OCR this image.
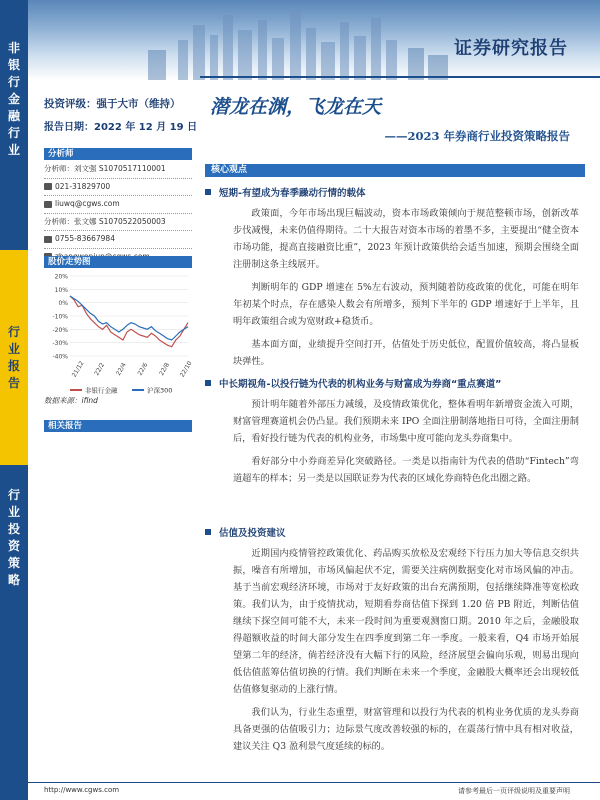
非银行金融行业
行业报告
行业投资策略
证券研究报告
投资评级：强于大市（维持）
报告日期：2022 年 12 月 19 日
潜龙在渊，飞龙在天
——2023 年券商行业投资策略报告
分析师
分析师：刘文强 S1070517110001
021-31829700
liuwq@cgws.com
分析师：张文娜 S1070522050003
0755-83667984
股价走势图
20%
10%
0%
-10%
-20%
-30%
-40%
21/12 22/2 22/4 22/6 22/8 22/10
非银行金融	沪深300
数据来源：ifind
相关报告
核心观点
短期-有望成为春季躁动行情的载体

政策面，今年市场出现巨幅波动，资本市场政策倾向于规范整顿市场，创新改革步伐减慢，未来仍值得期待。二十大报告对资本市场的着墨不多，主要提出“健全资本市场功能，提高直接融资比重”，2023 年预计政策供给会适当加速，预期会围绕全面注册制这条主线展开。

判断明年的 GDP 增速在 5%左右波动，预判随着防疫政策的优化，可能在明年年初某个时点，存在感染人数会有所增多，预判下半年的 GDP 增速好于上半年，且明年政策组合或为宽财政+稳货币。

基本面方面，业绩提升空间打开，估值处于历史低位，配置价值较高，将凸显板块弹性。

中长期视角-以投行链为代表的机构业务与财富成为券商“重点赛道”

预计明年随着外部压力减缓，及疫情政策优化，整体看明年新增资金流入可期，财富管理赛道机会仍凸显。我们预期未来 IPO 全面注册制落地指日可待，全面注册制后，看好投行链为代表的机构业务，市场集中度可能向龙头券商集中。

看好部分中小券商差异化突破路径。一类是以指南针为代表的借助“Fintech”弯道超车的样本；另一类是以国联证券为代表的区域化券商特色化出圈之路。

估值及投资建议

近期国内疫情管控政策优化、药品购买放松及宏观经下行压力加大等信息交织共振，噪音有所增加，市场风偏起伏不定，需要关注病例数据变化对市场风偏的冲击。基于当前宏观经济环境，市场对于友好政策的出台充满预期，包括继续降准等宽松政策。我们认为，由于疫情扰动，短期看券商估值下探到 1.20 倍 PB 附近，判断估值继续下探空间可能不大，未来一段时间为重要观测窗口期。2010 年之后，金融股取得超额收益的时间大部分发生在四季度到第二年一季度。一般来看，Q4 市场开始展望第二年的经济，倘若经济没有大幅下行的风险，经济展望会偏向乐观，则易出现向低估值蓝筹估值切换的行情。我们判断在未来一个季度，金融股大概率还会出现较低估值修复驱动的上涨行情。

我们认为，行业生态重塑，财富管理和以投行为代表的机构业务优质的龙头券商具备更强的估值吸引力；边际景气度改善较强的标的，在震荡行情中具有相对收益，建议关注 Q3 盈利景气度延续的标的。

http://www.cgws.com	请参考最后一页评级说明及重要声明
